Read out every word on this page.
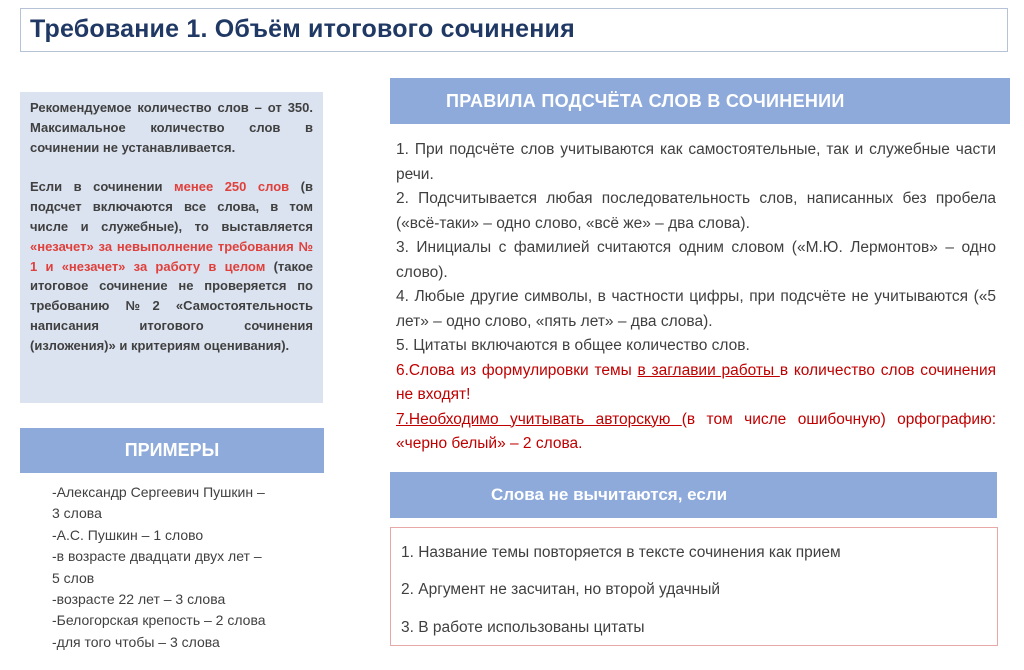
Требование 1. Объём итогового сочинения

Рекомендуемое количество слов – от 350. Максимальное количество слов в сочинении не устанавливается.

Если в сочинении менее 250 слов (в подсчет включаются все слова, в том числе и служебные), то выставляется «незачет» за невыполнение требования № 1 и «незачет» за работу в целом (такое итоговое сочинение не проверяется по требованию №2 «Самостоятельность написания итогового сочинения (изложения)» и критериям оценивания).

ПРИМЕРЫ
-Александр Сергеевич Пушкин –
3 слова
-А.С. Пушкин – 1 слово
-в возрасте двадцати двух лет –
5 слов
-возрасте 22 лет – 3 слова
-Белогорская крепость – 2 слова
-для того чтобы – 3 слова
ПРАВИЛА ПОДСЧЁТА СЛОВ В СОЧИНЕНИИ
1. При подсчёте слов учитываются как самостоятельные, так и служебные части речи.
2. Подсчитывается любая последовательность слов, написанных без пробела («всё-таки» – одно слово, «всё же» – два слова).
3. Инициалы с фамилией считаются одним словом («М.Ю. Лермонтов» – одно слово).
4. Любые другие символы, в частности цифры, при подсчёте не учитываются («5 лет» – одно слово, «пять лет» – два слова).
5. Цитаты включаются в общее количество слов.
6.Слова из формулировки темы в заглавии работы в количество слов сочинения не входят!
7.Необходимо учитывать авторскую (в том числе ошибочную) орфографию: «черно белый» – 2 слова.
Слова не вычитаются, если
1. Название темы повторяется в тексте сочинения как прием
2. Аргумент не засчитан, но второй удачный
3. В работе использованы цитаты
